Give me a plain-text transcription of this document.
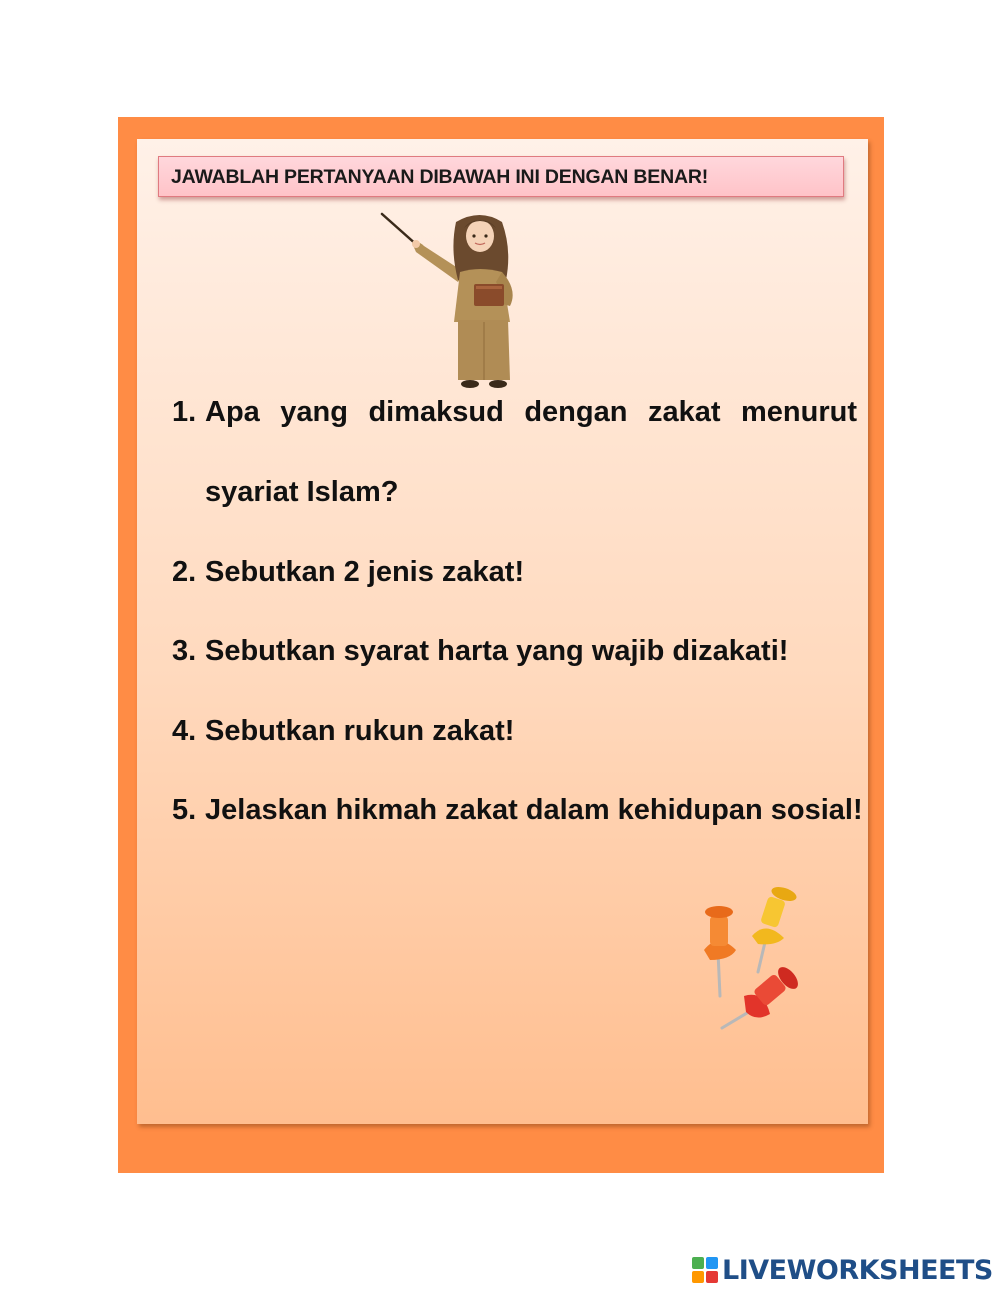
JAWABLAH PERTANYAAN DIBAWAH INI DENGAN BENAR!
1. Apa yang dimaksud dengan zakat menurut
syariat Islam?
2. Sebutkan 2 jenis zakat!
3. Sebutkan syarat harta yang wajib dizakati!
4. Sebutkan rukun zakat!
5. Jelaskan hikmah zakat dalam kehidupan sosial!
LIVEWORKSHEETS
